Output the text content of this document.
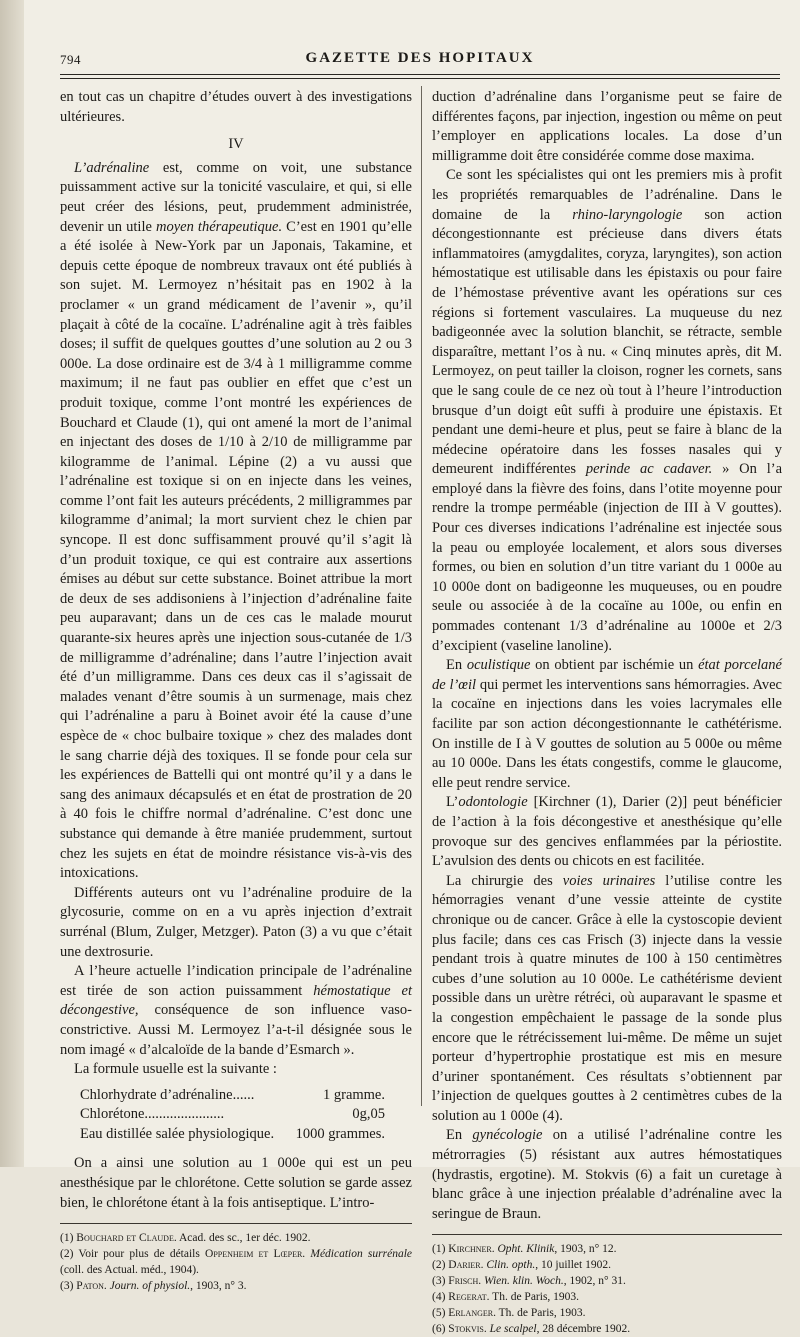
794	GAZETTE DES HOPITAUX

en tout cas un chapitre d’études ouvert à des investigations ultérieures.

IV

L’adrénaline est, comme on voit, une substance puissamment active sur la tonicité vasculaire, et qui, si elle peut créer des lésions, peut, prudemment administrée, devenir un utile moyen thérapeutique. C’est en 1901 qu’elle a été isolée à New-York par un Japonais, Takamine, et depuis cette époque de nombreux travaux ont été publiés à son sujet. M. Lermoyez n’hésitait pas en 1902 à la proclamer « un grand médicament de l’avenir », qu’il plaçait à côté de la cocaïne. L’adrénaline agit à très faibles doses; il suffit de quelques gouttes d’une solution au 2 ou 3 000e. La dose ordinaire est de 3/4 à 1 milligramme comme maximum; il ne faut pas oublier en effet que c’est un produit toxique, comme l’ont montré les expériences de Bouchard et Claude (1), qui ont amené la mort de l’animal en injectant des doses de 1/10 à 2/10 de milligramme par kilogramme de l’animal. Lépine (2) a vu aussi que l’adrénaline est toxique si on en injecte dans les veines, comme l’ont fait les auteurs précédents, 2 milligrammes par kilogramme d’animal; la mort survient chez le chien par syncope. Il est donc suffisamment prouvé qu’il s’agit là d’un produit toxique, ce qui est contraire aux assertions émises au début sur cette substance. Boinet attribue la mort de deux de ses addisoniens à l’injection d’adrénaline faite peu auparavant; dans un de ces cas le malade mourut quarante-six heures après une injection sous-cutanée de 1/3 de milligramme d’adrénaline; dans l’autre l’injection avait été d’un milligramme. Dans ces deux cas il s’agissait de malades venant d’être soumis à un surmenage, mais chez qui l’adrénaline a paru à Boinet avoir été la cause d’une espèce de « choc bulbaire toxique » chez des malades dont le sang charrie déjà des toxiques. Il se fonde pour cela sur les expériences de Battelli qui ont montré qu’il y a dans le sang des animaux décapsulés et en état de prostration de 20 à 40 fois le chiffre normal d’adrénaline. C’est donc une substance qui demande à être maniée prudemment, surtout chez les sujets en état de moindre résistance vis-à-vis des intoxications.

Différents auteurs ont vu l’adrénaline produire de la glycosurie, comme on en a vu après injection d’extrait surrénal (Blum, Zulger, Metzger). Paton (3) a vu que c’était une dextrosurie.

A l’heure actuelle l’indication principale de l’adrénaline est tirée de son action puissamment hémostatique et décongestive, conséquence de son influence vaso-constrictive. Aussi M. Lermoyez l’a-t-il désignée sous le nom imagé « d’alcaloïde de la bande d’Esmarch ».

La formule usuelle est la suivante :

Chlorhydrate d’adrénaline......	1 gramme.
Chlorétone......................	0g,05
Eau distillée salée physiologique.	1000 grammes.

On a ainsi une solution au 1 000e qui est un peu anesthésique par le chlorétone. Cette solution se garde assez bien, le chlorétone étant à la fois antiseptique. L’intro-

(1) Bouchard et Claude. Acad. des sc., 1er déc. 1902.

(2) Voir pour plus de détails Oppenheim et Lœper. Médication surrénale (coll. des Actual. méd., 1904).

(3) Paton. Journ. of physiol., 1903, n° 3.

duction d’adrénaline dans l’organisme peut se faire de différentes façons, par injection, ingestion ou même on peut l’employer en applications locales. La dose d’un milligramme doit être considérée comme dose maxima.

Ce sont les spécialistes qui ont les premiers mis à profit les propriétés remarquables de l’adrénaline. Dans le domaine de la rhino-laryngologie son action décongestionnante est précieuse dans divers états inflammatoires (amygdalites, coryza, laryngites), son action hémostatique est utilisable dans les épistaxis ou pour faire de l’hémostase préventive avant les opérations sur ces régions si fortement vasculaires. La muqueuse du nez badigeonnée avec la solution blanchit, se rétracte, semble disparaître, mettant l’os à nu. « Cinq minutes après, dit M. Lermoyez, on peut tailler la cloison, rogner les cornets, sans que le sang coule de ce nez où tout à l’heure l’introduction brusque d’un doigt eût suffi à produire une épistaxis. Et pendant une demi-heure et plus, peut se faire à blanc de la médecine opératoire dans les fosses nasales qui y demeurent indifférentes perinde ac cadaver. » On l’a employé dans la fièvre des foins, dans l’otite moyenne pour rendre la trompe perméable (injection de III à V gouttes). Pour ces diverses indications l’adrénaline est injectée sous la peau ou employée localement, et alors sous diverses formes, ou bien en solution d’un titre variant du 1 000e au 10 000e dont on badigeonne les muqueuses, ou en poudre seule ou associée à de la cocaïne au 100e, ou enfin en pommades contenant 1/3 d’adrénaline au 1000e et 2/3 d’excipient (vaseline lanoline).

En oculistique on obtient par ischémie un état porcelané de l’œil qui permet les interventions sans hémorragies. Avec la cocaïne en injections dans les voies lacrymales elle facilite par son action décongestionnante le cathétérisme. On instille de I à V gouttes de solution au 5 000e ou même au 10 000e. Dans les états congestifs, comme le glaucome, elle peut rendre service.

L’odontologie [Kirchner (1), Darier (2)] peut bénéficier de l’action à la fois décongestive et anesthésique qu’elle provoque sur des gencives enflammées par la périostite. L’avulsion des dents ou chicots en est facilitée.

La chirurgie des voies urinaires l’utilise contre les hémorragies venant d’une vessie atteinte de cystite chronique ou de cancer. Grâce à elle la cystoscopie devient plus facile; dans ces cas Frisch (3) injecte dans la vessie pendant trois à quatre minutes de 100 à 150 centimètres cubes d’une solution au 10 000e. Le cathétérisme devient possible dans un urètre rétréci, où auparavant le spasme et la congestion empêchaient le passage de la sonde plus encore que le rétrécissement lui-même. De même un sujet porteur d’hypertrophie prostatique est mis en mesure d’uriner spontanément. Ces résultats s’obtiennent par l’injection de quelques gouttes à 2 centimètres cubes de la solution au 1 000e (4).

En gynécologie on a utilisé l’adrénaline contre les métrorragies (5) résistant aux autres hémostatiques (hydrastis, ergotine). M. Stokvis (6) a fait un curetage à blanc grâce à une injection préalable d’adrénaline avec la seringue de Braun.

(1) Kirchner. Opht. Klinik, 1903, n° 12.

(2) Darier. Clin. opth., 10 juillet 1902.

(3) Frisch. Wien. klin. Woch., 1902, n° 31.

(4) Regerat. Th. de Paris, 1903.

(5) Erlanger. Th. de Paris, 1903.

(6) Stokvis. Le scalpel, 28 décembre 1902.
